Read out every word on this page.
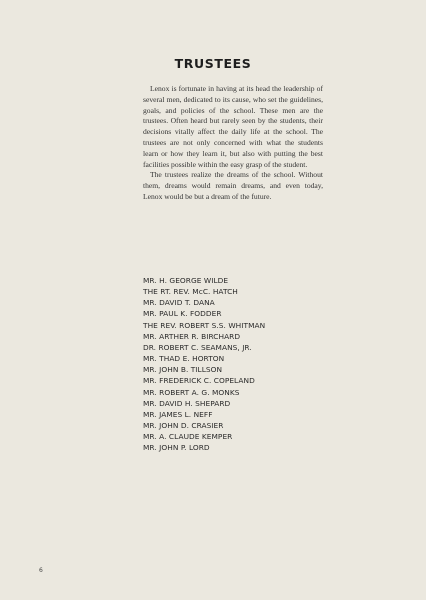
TRUSTEES

Lenox is fortunate in having at its head the leadership of several men, dedicated to its cause, who set the guidelines, goals, and policies of the school. These men are the trustees. Often heard but rarely seen by the students, their decisions vitally affect the daily life at the school. The trustees are not only concerned with what the students learn or how they learn it, but also with putting the best facilities possible within the easy grasp of the student.

The trustees realize the dreams of the school. Without them, dreams would remain dreams, and even today, Lenox would be but a dream of the future.

MR. H. GEORGE WILDE
THE RT. REV. McC. HATCH
MR. DAVID T. DANA
MR. PAUL K. FODDER
THE REV. ROBERT S.S. WHITMAN
MR. ARTHER R. BIRCHARD
DR. ROBERT C. SEAMANS, JR.
MR. THAD E. HORTON
MR. JOHN B. TILLSON
MR. FREDERICK C. COPELAND
MR. ROBERT A. G. MONKS
MR. DAVID H. SHEPARD
MR. JAMES L. NEFF
MR. JOHN D. CRASIER
MR. A. CLAUDE KEMPER
MR. JOHN P. LORD
6
